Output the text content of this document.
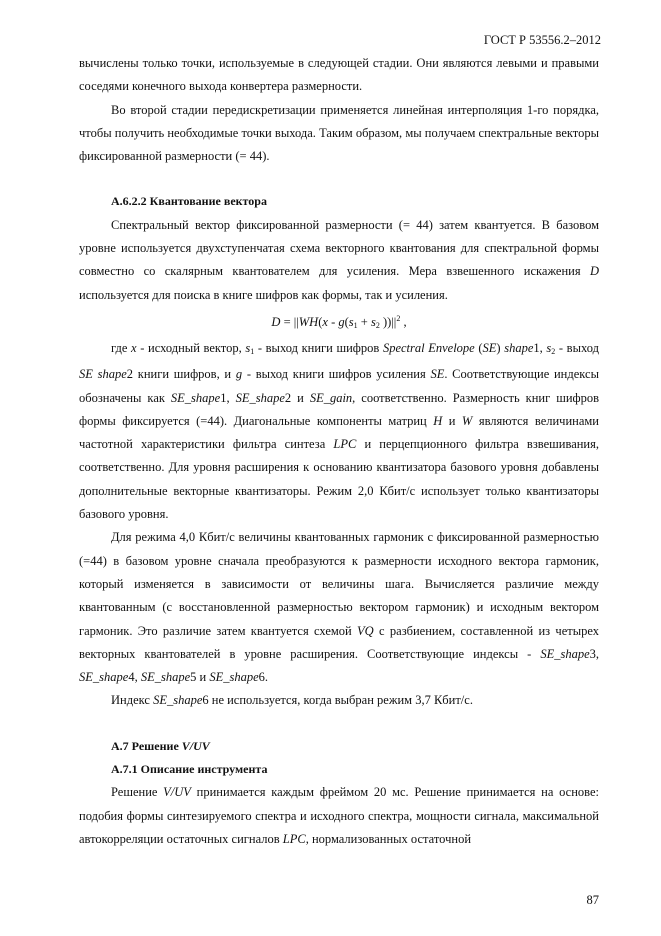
ГОСТ Р 53556.2–2012

вычислены только точки, используемые в следующей стадии. Они являются левыми и правыми соседями конечного выхода конвертера размерности.

Во второй стадии передискретизации применяется линейная интерполяция 1-го порядка, чтобы получить необходимые точки выхода. Таким образом, мы получаем спектральные векторы фиксированной размерности (= 44).

А.6.2.2 Квантование вектора

Спектральный вектор фиксированной размерности (= 44) затем квантуется. В базовом уровне используется двухступенчатая схема векторного квантования для спектральной формы совместно со скалярным квантователем для усиления. Мера взвешенного искажения D используется для поиска в книге шифров как формы, так и усиления.

$D = ||WH(x - g(s_1 + s_2$ ))$||^2$ ,

где x - исходный вектор, $s_1$ - выход книги шифров Spectral Envelope (SE) shape1, $s_2$ - выход SE shape2 книги шифров, и g - выход книги шифров усиления SE. Соответствующие индексы обозначены как SE_shape1, SE_shape2 и SE_gain, соответственно. Размерность книг шифров формы фиксируется (=44). Диагональные компоненты матриц H и W являются величинами частотной характеристики фильтра синтеза LPC и перцепционного фильтра взвешивания, соответственно. Для уровня расширения к основанию квантизатора базового уровня добавлены дополнительные векторные квантизаторы. Режим 2,0 Кбит/с использует только квантизаторы базового уровня.

Для режима 4,0 Кбит/с величины квантованных гармоник с фиксированной размерностью (=44) в базовом уровне сначала преобразуются к размерности исходного вектора гармоник, который изменяется в зависимости от величины шага. Вычисляется различие между квантованным (с восстановленной размерностью вектором гармоник) и исходным вектором гармоник. Это различие затем квантуется схемой VQ с разбиением, составленной из четырех векторных квантователей в уровне расширения. Соответствующие индексы - SE_shape3, SE_shape4, SE_shape5 и SE_shape6.

Индекс SE_shape6 не используется, когда выбран режим 3,7 Кбит/с.

А.7 Решение V/UV

А.7.1 Описание инструмента

Решение V/UV принимается каждым фреймом 20 мс. Решение принимается на основе: подобия формы синтезируемого спектра и исходного спектра, мощности сигнала, максимальной автокорреляции остаточных сигналов LPC, нормализованных остаточной

87
